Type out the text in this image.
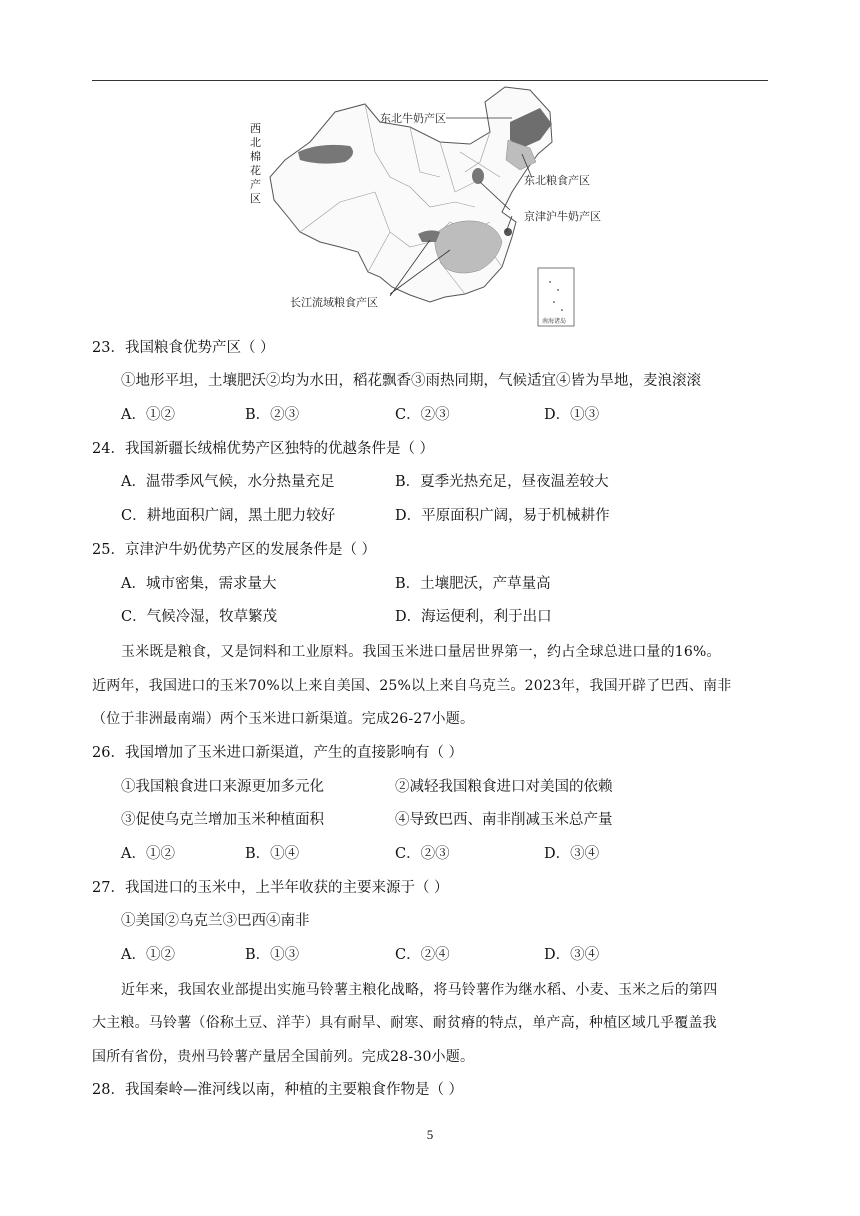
南海诸岛
东北牛奶产区
东北粮食产区
京津沪牛奶产区
长江流域粮食产区
西北棉花产区
23．我国粮食优势产区（ ）
①地形平坦，土壤肥沃②均为水田，稻花飘香③雨热同期，气候适宜④皆为旱地，麦浪滚滚
A．①②	B．②③	C．②③	D．①③
24．我国新疆长绒棉优势产区独特的优越条件是（ ）
A．温带季风气候，水分热量充足	B．夏季光热充足，昼夜温差较大
C．耕地面积广阔，黑土肥力较好	D．平原面积广阔，易于机械耕作
25．京津沪牛奶优势产区的发展条件是（ ）
A．城市密集，需求量大	B．土壤肥沃，产草量高
C．气候冷湿，牧草繁茂	D．海运便利，利于出口
玉米既是粮食，又是饲料和工业原料。我国玉米进口量居世界第一，约占全球总进口量的16%。
近两年，我国进口的玉米70%以上来自美国、25%以上来自乌克兰。2023年，我国开辟了巴西、南非
（位于非洲最南端）两个玉米进口新渠道。完成26-27小题。
26．我国增加了玉米进口新渠道，产生的直接影响有（ ）
①我国粮食进口来源更加多元化	②减轻我国粮食进口对美国的依赖
③促使乌克兰增加玉米种植面积	④导致巴西、南非削减玉米总产量
A．①②	B．①④	C．②③	D．③④
27．我国进口的玉米中，上半年收获的主要来源于（ ）
①美国②乌克兰③巴西④南非
A．①②	B．①③	C．②④	D．③④
近年来，我国农业部提出实施马铃薯主粮化战略，将马铃薯作为继水稻、小麦、玉米之后的第四
大主粮。马铃薯（俗称土豆、洋芋）具有耐旱、耐寒、耐贫瘠的特点，单产高，种植区域几乎覆盖我
国所有省份，贵州马铃薯产量居全国前列。完成28-30小题。
28．我国秦岭—淮河线以南，种植的主要粮食作物是（ ）
5
